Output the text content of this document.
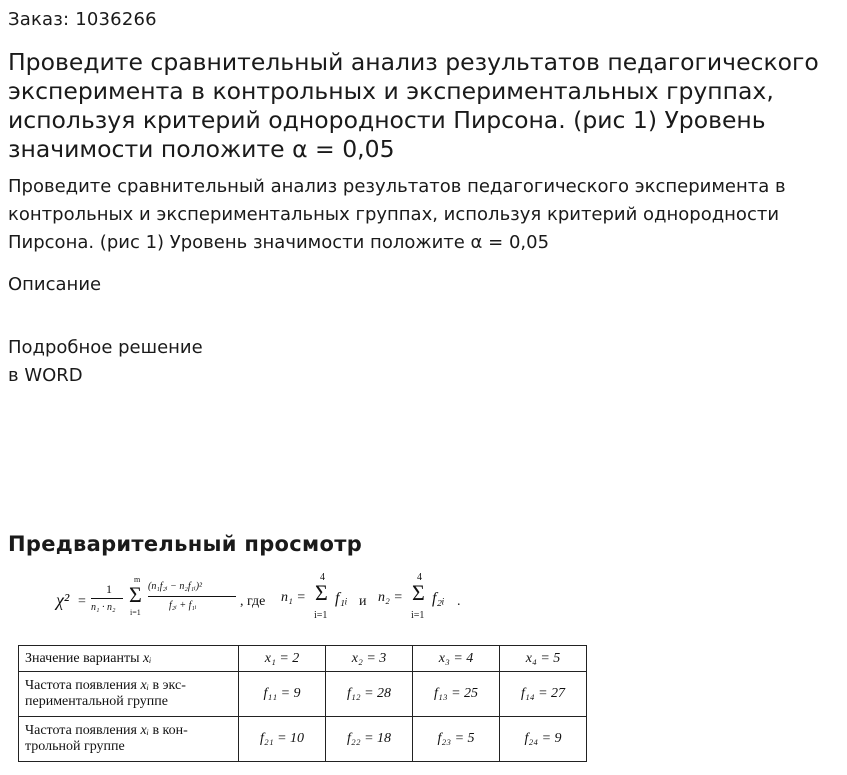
Заказ: 1036266
Проведите сравнительный анализ результатов педагогического эксперимента в контрольных и экспериментальных группах, используя критерий однородности Пирсона. (рис 1) Уровень значимости положите α = 0,05
Проведите сравнительный анализ результатов педагогического эксперимента в контрольных и экспериментальных группах, используя критерий однородности Пирсона. (рис 1) Уровень значимости положите α = 0,05
Описание
Подробное решение
в WORD
Предварительный просмотр
χ² =
1
n₁ · n₂
m
Σ
i=1
(n₁f₂ᵢ − n₂f₁ᵢ)²
f₂ᵢ + f₁ᵢ	, где n₁ =
4
Σ
i=1
f₁ᵢ и n₂ =
4
Σ
i=1
f₂ᵢ .
Значение варианты xᵢ	x₁ = 2	x₂ = 3	x₃ = 4	x₄ = 5
Частота появления xᵢ в экс-периментальной группе	f₁₁ = 9	f₁₂ = 28	f₁₃ = 25	f₁₄ = 27
Частота появления xᵢ в кон-трольной группе	f₂₁ = 10	f₂₂ = 18	f₂₃ = 5	f₂₄ = 9
